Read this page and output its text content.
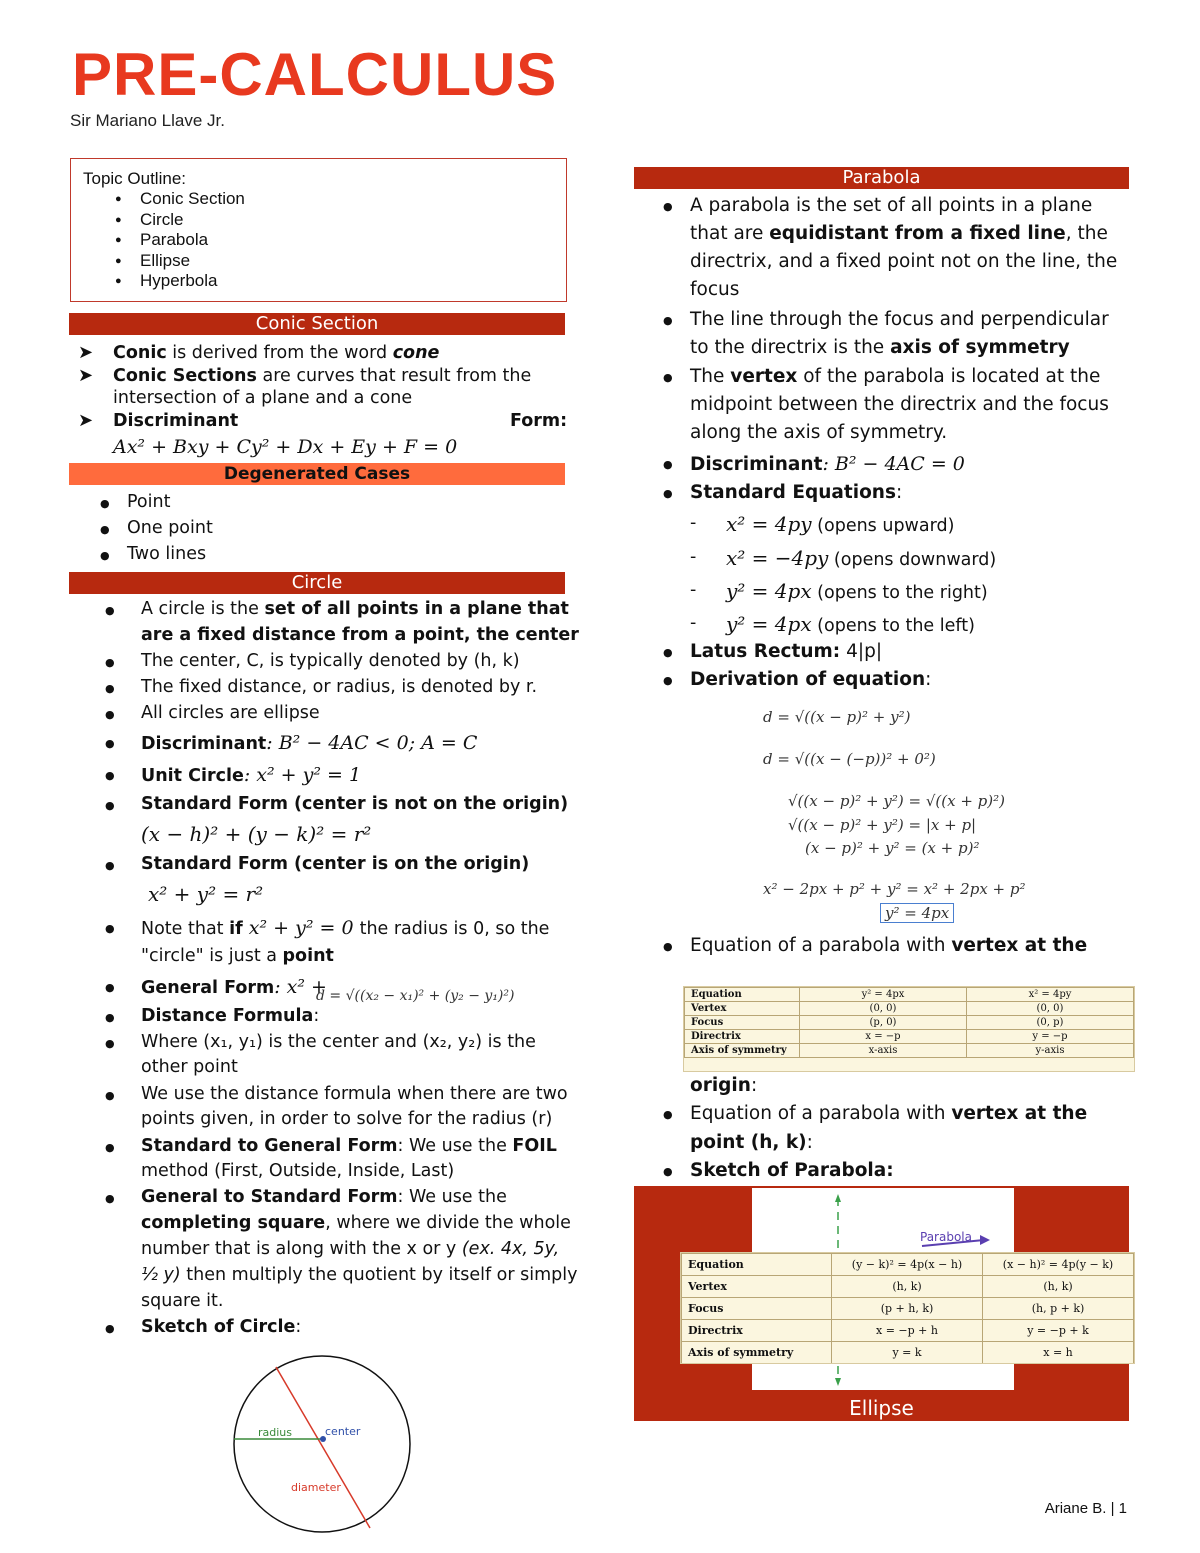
PRE-CALCULUS
Sir Mariano Llave Jr.
Topic Outline:
● Conic Section
● Circle
● Parabola
● Ellipse
● Hyperbola
Conic Section
➤ Conic is derived from the word cone
➤ Conic Sections are curves that result from the
intersection of a plane and a cone
➤ Discriminant	Form:
Ax² + Bxy + Cy² + Dx + Ey + F = 0
Degenerated Cases
● Point
● One point
● Two lines
Circle
● A circle is the set of all points in a plane that
are a fixed distance from a point, the center
● The center, C, is typically denoted by (h, k)
● The fixed distance, or radius, is denoted by r.
● All circles are ellipse
● Discriminant: B² − 4AC < 0; A = C
● Unit Circle: x² + y² = 1
● Standard Form (center is not on the origin)
(x − h)² + (y − k)² = r²
● Standard Form (center is on the origin)
x² + y² = r²
● Note that if x² + y² = 0 the radius is 0, so the
"circle" is just a point
● General Form: x² +
d = √((x₂ − x₁)² + (y₂ − y₁)²)
● Distance Formula:
● Where (x₁, y₁) is the center and (x₂, y₂) is the
other point
● We use the distance formula when there are two
points given, in order to solve for the radius (r)
● Standard to General Form: We use the FOIL
method (First, Outside, Inside, Last)
● General to Standard Form: We use the
completing square, where we divide the whole
number that is along with the x or y (ex. 4x, 5y,
½ y) then multiply the quotient by itself or simply
square it.
● Sketch of Circle:
radius	center
diameter
Parabola
● A parabola is the set of all points in a plane
that are equidistant from a fixed line, the
directrix, and a fixed point not on the line, the
focus
● The line through the focus and perpendicular
to the directrix is the axis of symmetry
● The vertex of the parabola is located at the
midpoint between the directrix and the focus
along the axis of symmetry.
● Discriminant: B² − 4AC = 0
● Standard Equations:
- x² = 4py (opens upward)
- x² = −4py (opens downward)
- y² = 4px (opens to the right)
- y² = 4px (opens to the left)
● Latus Rectum: 4|p|
● Derivation of equation:
d = √((x − p)² + y²)
d = √((x − (−p))² + 0²)
√((x − p)² + y²) = √((x + p)²)
√((x − p)² + y²) = |x + p|
(x − p)² + y² = (x + p)²
x² − 2px + p² + y² = x² + 2px + p²
y² = 4px
● Equation of a parabola with vertex at the
Equation	y² = 4px	x² = 4py
Vertex	(0, 0)	(0, 0)
Focus	(p, 0)	(0, p)
Directrix	x = −p	y = −p
Axis of symmetry	x-axis	y-axis
origin:
● Equation of a parabola with vertex at the
point (h, k):
● Sketch of Parabola:
Parabola
Equation	(y − k)² = 4p(x − h)	(x − h)² = 4p(y − k)
Vertex	(h, k)	(h, k)
Focus	(p + h, k)	(h, p + k)
Directrix	x = −p + h	y = −p + k
Axis of symmetry	y = k	x = h
Ellipse
Ariane B. | 1
